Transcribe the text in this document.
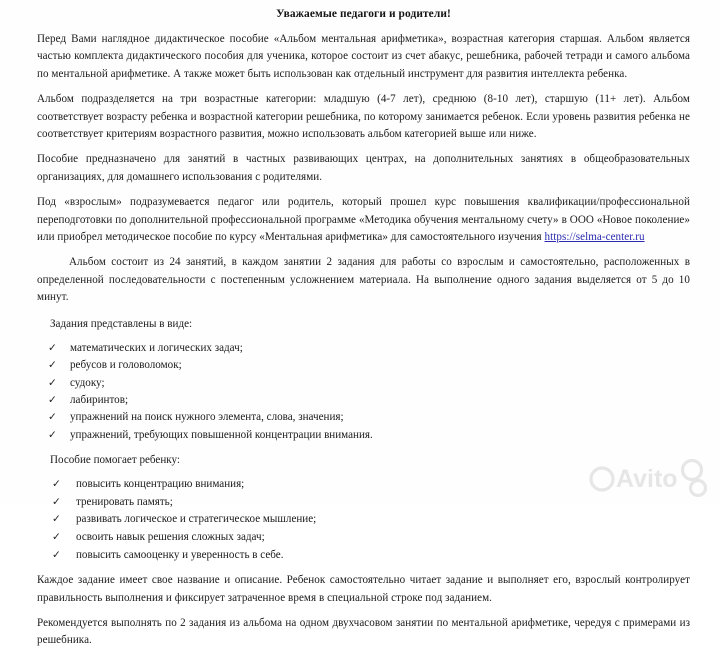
Уважаемые педагоги и родители!

Перед Вами наглядное дидактическое пособие «Альбом ментальная арифметика», возрастная категория старшая. Альбом является частью комплекта дидактического пособия для ученика, которое состоит из счет абакус, решебника, рабочей тетради и самого альбома по ментальной арифметике. А также может быть использован как отдельный инструмент для развития интеллекта ребенка.

Альбом подразделяется на три возрастные категории: младшую (4-7 лет), среднюю (8-10 лет), старшую (11+ лет). Альбом соответствует возрасту ребенка и возрастной категории решебника, по которому занимается ребенок. Если уровень развития ребенка не соответствует критериям возрастного развития, можно использовать альбом категорией выше или ниже.

Пособие предназначено для занятий в частных развивающих центрах, на дополнительных занятиях в общеобразовательных организациях, для домашнего использования с родителями.

Под «взрослым» подразумевается педагог или родитель, который прошел курс повышения квалификации/профессиональной переподготовки по дополнительной профессиональной программе «Методика обучения ментальному счету» в ООО «Новое поколение» или приобрел методическое пособие по курсу «Ментальная арифметика» для самостоятельного изучения https://selma-center.ru

Альбом состоит из 24 занятий, в каждом занятии 2 задания для работы со взрослым и самостоятельно, расположенных в определенной последовательности с постепенным усложнением материала. На выполнение одного задания выделяется от 5 до 10 минут.

Задания представлены в виде:

✓ математических и логических задач;
✓ ребусов и головоломок;
✓ судоку;
✓ лабиринтов;
✓ упражнений на поиск нужного элемента, слова, значения;
✓ упражнений, требующих повышенной концентрации внимания.

Пособие помогает ребенку:

✓ повысить концентрацию внимания;
✓ тренировать память;
✓ развивать логическое и стратегическое мышление;
✓ освоить навык решения сложных задач;
✓ повысить самооценку и уверенность в себе.

Каждое задание имеет свое название и описание. Ребенок самостоятельно читает задание и выполняет его, взрослый контролирует правильность выполнения и фиксирует затраченное время в специальной строке под заданием.

Рекомендуется выполнять по 2 задания из альбома на одном двухчасовом занятии по ментальной арифметике, чередуя с примерами из решебника.

Avito
